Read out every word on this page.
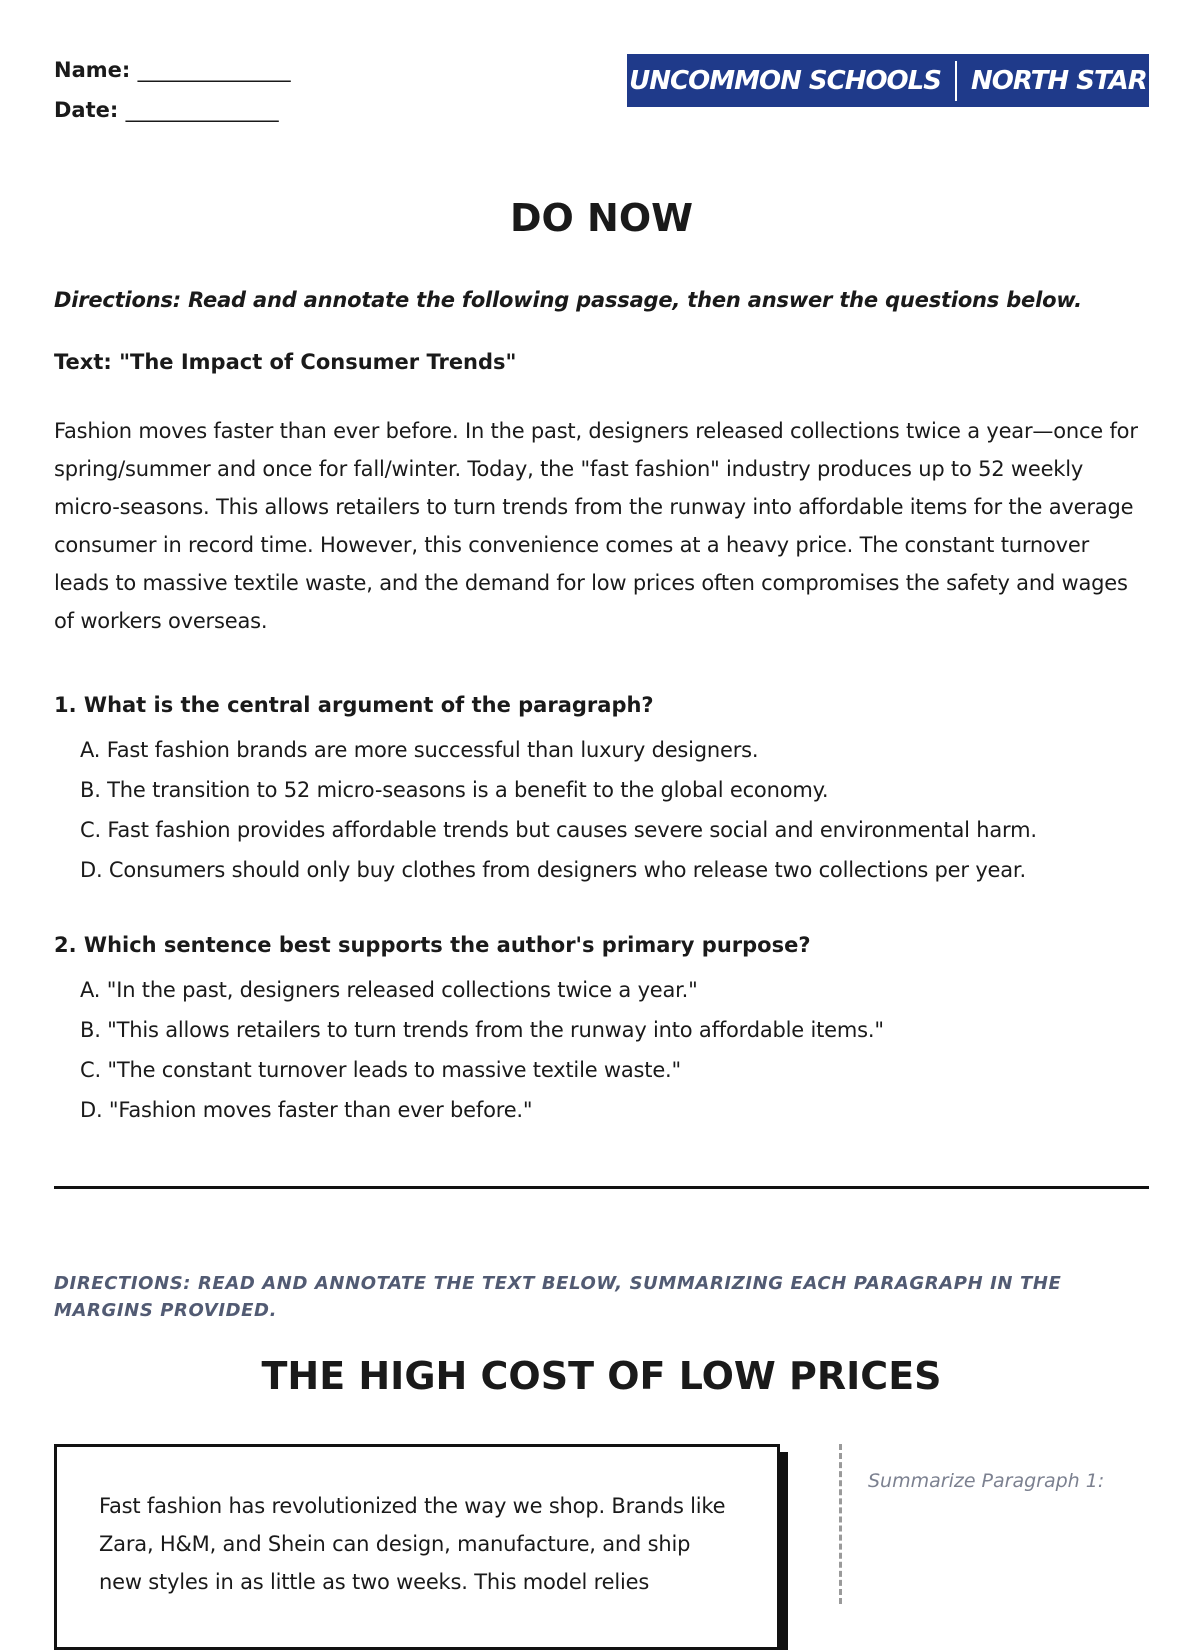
Name: ________________
Date: ________________
UNCOMMON SCHOOLS NORTH STAR
DO NOW
Directions: Read and annotate the following passage, then answer the questions below.
Text: "The Impact of Consumer Trends"
Fashion moves faster than ever before. In the past, designers released collections twice a year—once for spring/summer and once for fall/winter. Today, the "fast fashion" industry produces up to 52 weekly micro-seasons. This allows retailers to turn trends from the runway into affordable items for the average consumer in record time. However, this convenience comes at a heavy price. The constant turnover leads to massive textile waste, and the demand for low prices often compromises the safety and wages of workers overseas.
1. What is the central argument of the paragraph?
A. Fast fashion brands are more successful than luxury designers.
B. The transition to 52 micro-seasons is a benefit to the global economy.
C. Fast fashion provides affordable trends but causes severe social and environmental harm.
D. Consumers should only buy clothes from designers who release two collections per year.
2. Which sentence best supports the author's primary purpose?
A. "In the past, designers released collections twice a year."
B. "This allows retailers to turn trends from the runway into affordable items."
C. "The constant turnover leads to massive textile waste."
D. "Fashion moves faster than ever before."
DIRECTIONS: READ AND ANNOTATE THE TEXT BELOW, SUMMARIZING EACH PARAGRAPH IN THE MARGINS PROVIDED.
THE HIGH COST OF LOW PRICES

Fast fashion has revolutionized the way we shop. Brands like Zara, H&M, and Shein can design, manufacture, and ship new styles in as little as two weeks. This model relies

Summarize Paragraph 1:
